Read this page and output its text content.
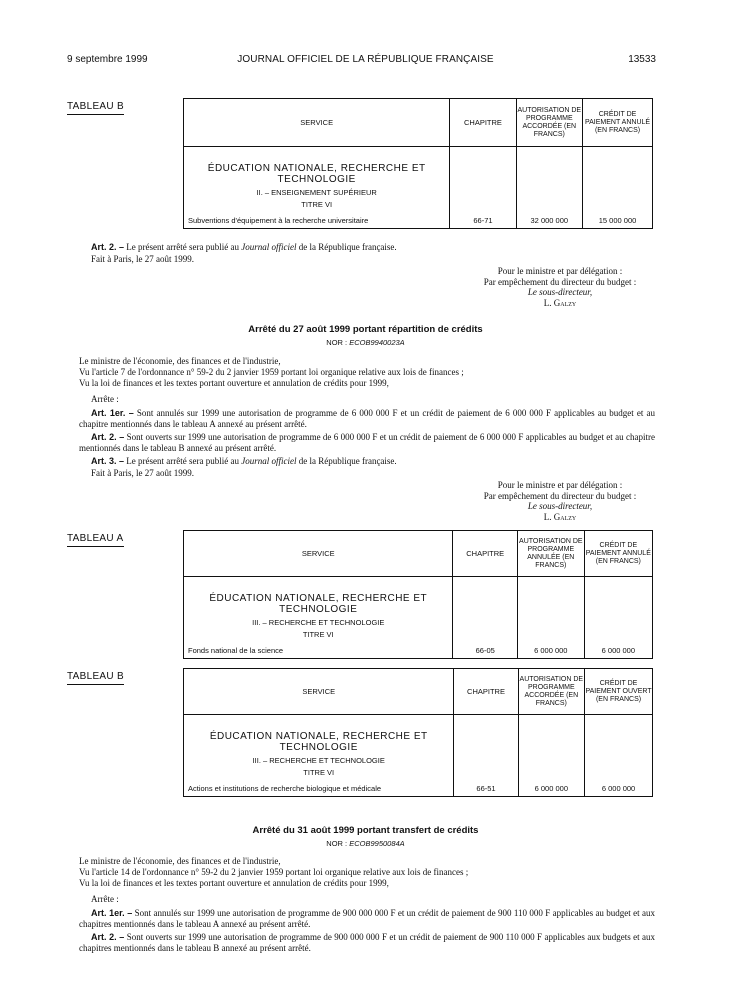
9 septembre 1999	JOURNAL OFFICIEL DE LA RÉPUBLIQUE FRANÇAISE	13533
TABLEAU B
SERVICE	CHAPITRE	AUTORISATION DE PROGRAMME ACCORDÉE (EN FRANCS)	CRÉDIT DE PAIEMENT ANNULÉ (EN FRANCS)

ÉDUCATION NATIONALE, RECHERCHE ET TECHNOLOGIE
II. – ENSEIGNEMENT SUPÉRIEUR
TITRE VI
Subventions d'équipement à la recherche universitaire	66-71	32 000 000	15 000 000
Art. 2. – Le présent arrêté sera publié au Journal officiel de la République française.
Fait à Paris, le 27 août 1999.
Pour le ministre et par délégation :
Par empêchement du directeur du budget :
Le sous-directeur,
L. Galzy
Arrêté du 27 août 1999 portant répartition de crédits
NOR : ECOB9940023A
Le ministre de l'économie, des finances et de l'industrie,
Vu l'article 7 de l'ordonnance n° 59-2 du 2 janvier 1959 portant loi organique relative aux lois de finances ;
Vu la loi de finances et les textes portant ouverture et annulation de crédits pour 1999,
Arrête :
Art. 1er. – Sont annulés sur 1999 une autorisation de programme de 6 000 000 F et un crédit de paiement de 6 000 000 F applicables au budget et au chapitre mentionnés dans le tableau A annexé au présent arrêté.
Art. 2. – Sont ouverts sur 1999 une autorisation de programme de 6 000 000 F et un crédit de paiement de 6 000 000 F applicables au budget et au chapitre mentionnés dans le tableau B annexé au présent arrêté.
Art. 3. – Le présent arrêté sera publié au Journal officiel de la République française.
Fait à Paris, le 27 août 1999.
Pour le ministre et par délégation :
Par empêchement du directeur du budget :
Le sous-directeur,
L. Galzy
TABLEAU A
SERVICE	CHAPITRE	AUTORISATION DE PROGRAMME ANNULÉE (EN FRANCS)	CRÉDIT DE PAIEMENT ANNULÉ (EN FRANCS)

ÉDUCATION NATIONALE, RECHERCHE ET TECHNOLOGIE
III. – RECHERCHE ET TECHNOLOGIE
TITRE VI
Fonds national de la science	66-05	6 000 000	6 000 000
TABLEAU B
SERVICE	CHAPITRE	AUTORISATION DE PROGRAMME ACCORDÉE (EN FRANCS)	CRÉDIT DE PAIEMENT OUVERT (EN FRANCS)

ÉDUCATION NATIONALE, RECHERCHE ET TECHNOLOGIE
III. – RECHERCHE ET TECHNOLOGIE
TITRE VI
Actions et institutions de recherche biologique et médicale	66-51	6 000 000	6 000 000
Arrêté du 31 août 1999 portant transfert de crédits
NOR : ECOB9950084A
Le ministre de l'économie, des finances et de l'industrie,
Vu l'article 14 de l'ordonnance n° 59-2 du 2 janvier 1959 portant loi organique relative aux lois de finances ;
Vu la loi de finances et les textes portant ouverture et annulation de crédits pour 1999,
Arrête :
Art. 1er. – Sont annulés sur 1999 une autorisation de programme de 900 000 000 F et un crédit de paiement de 900 110 000 F applicables au budget et aux chapitres mentionnés dans le tableau A annexé au présent arrêté.
Art. 2. – Sont ouverts sur 1999 une autorisation de programme de 900 000 000 F et un crédit de paiement de 900 110 000 F applicables aux budgets et aux chapitres mentionnés dans le tableau B annexé au présent arrêté.
